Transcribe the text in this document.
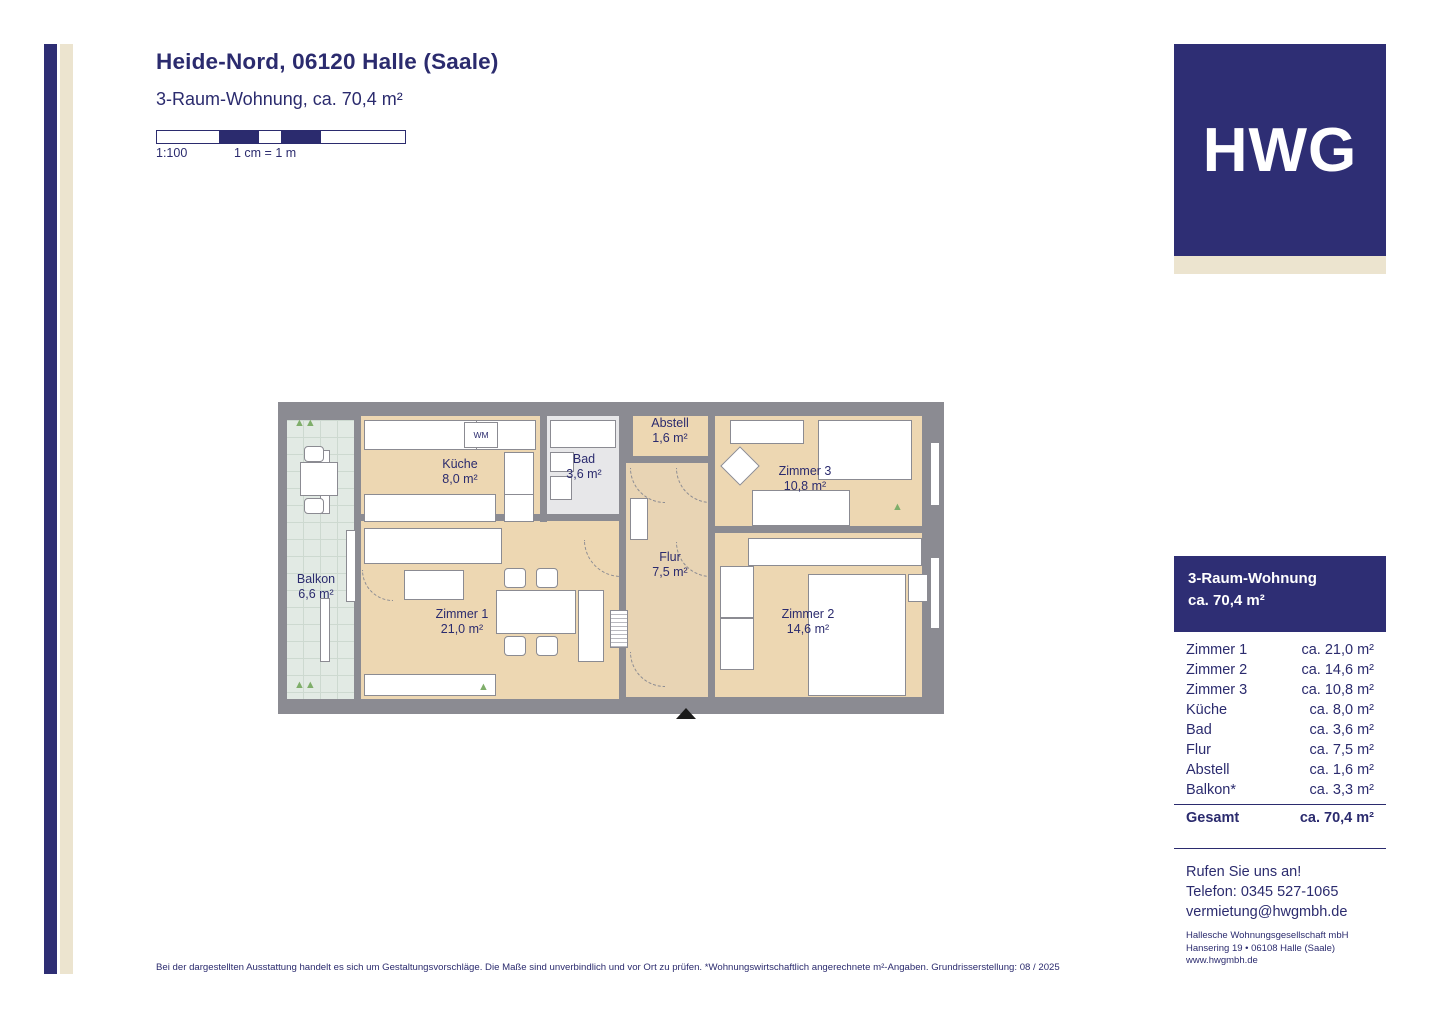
Heide-Nord, 06120 Halle (Saale)
3-Raum-Wohnung, ca. 70,4 m²
1:100	1 cm = 1 m	HWG
3-Raum-Wohnung
ca. 70,4 m²
Zimmer 1	ca. 21,0 m²
Zimmer 2	ca. 14,6 m²
Zimmer 3	ca. 10,8 m²
Küche	ca. 8,0 m²
Bad	ca. 3,6 m²
Flur	ca. 7,5 m²
Abstell	ca. 1,6 m²
Balkon*	ca. 3,3 m²
Gesamt	ca. 70,4 m²
Rufen Sie uns an!
Telefon: 0345 527-1065
vermietung@hwgmbh.de
Hallesche Wohnungsgesellschaft mbH
Hansering 19 • 06108 Halle (Saale)
www.hwgmbh.de
Bei der dargestellten Ausstattung handelt es sich um Gestaltungsvorschläge. Die Maße sind unverbindlich und vor Ort zu prüfen. *Wohnungswirtschaftlich angerechnete m²-Angaben. Grundrisserstellung: 08 / 2025
WM
▲▲
▲▲	▲
▲
Balkon
6,6 m²
Küche
8,0 m²
Bad
3,6 m²
Abstell
1,6 m²
Zimmer 3
10,8 m²
Flur
7,5 m²
Zimmer 1
21,0 m²
Zimmer 2
14,6 m²
